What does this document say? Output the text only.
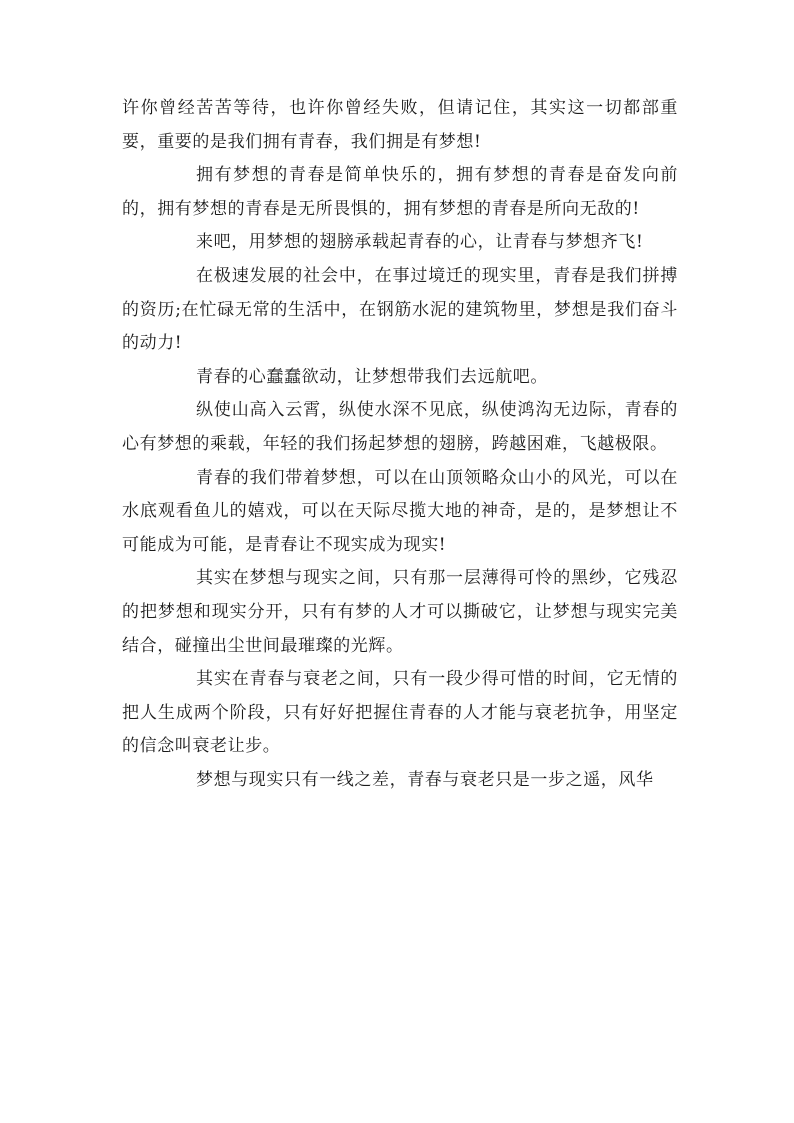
许你曾经苦苦等待，也许你曾经失败，但请记住，其实这一切都部重要，重要的是我们拥有青春，我们拥是有梦想!

拥有梦想的青春是简单快乐的，拥有梦想的青春是奋发向前的，拥有梦想的青春是无所畏惧的，拥有梦想的青春是所向无敌的!

来吧，用梦想的翅膀承载起青春的心，让青春与梦想齐飞!

在极速发展的社会中，在事过境迁的现实里，青春是我们拼搏的资历;在忙碌无常的生活中，在钢筋水泥的建筑物里，梦想是我们奋斗的动力!

青春的心蠢蠢欲动，让梦想带我们去远航吧。

纵使山高入云霄，纵使水深不见底，纵使鸿沟无边际，青春的心有梦想的乘载，年轻的我们扬起梦想的翅膀，跨越困难，飞越极限。

青春的我们带着梦想，可以在山顶领略众山小的风光，可以在水底观看鱼儿的嬉戏，可以在天际尽揽大地的神奇，是的，是梦想让不可能成为可能，是青春让不现实成为现实!

其实在梦想与现实之间，只有那一层薄得可怜的黑纱，它残忍的把梦想和现实分开，只有有梦的人才可以撕破它，让梦想与现实完美结合，碰撞出尘世间最璀璨的光辉。

其实在青春与衰老之间，只有一段少得可惜的时间，它无情的把人生成两个阶段，只有好好把握住青春的人才能与衰老抗争，用坚定的信念叫衰老让步。

梦想与现实只有一线之差，青春与衰老只是一步之遥，风华
